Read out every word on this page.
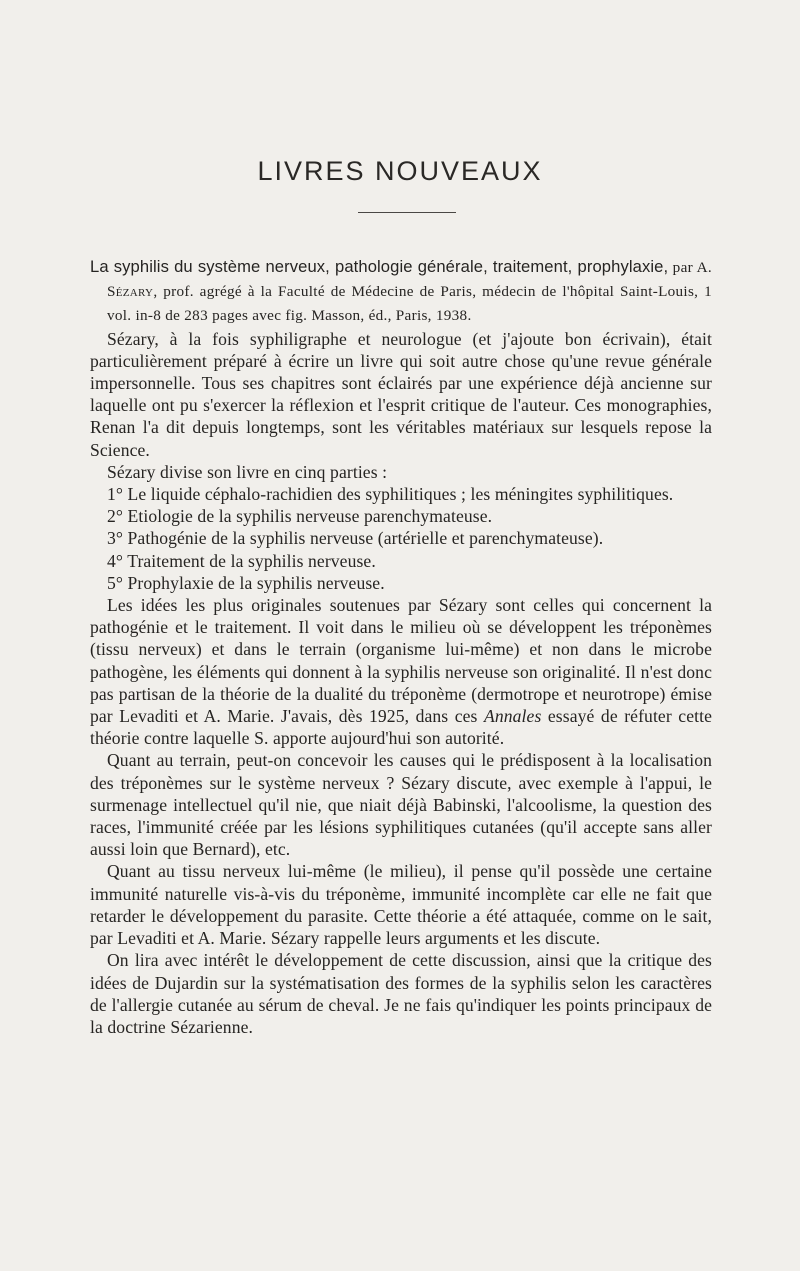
LIVRES NOUVEAUX

La syphilis du système nerveux, pathologie générale, traitement, prophylaxie, par A. Sézary, prof. agrégé à la Faculté de Médecine de Paris, médecin de l'hôpital Saint-Louis, 1 vol. in-8 de 283 pages avec fig. Masson, éd., Paris, 1938.

Sézary, à la fois syphiligraphe et neurologue (et j'ajoute bon écrivain), était particulièrement préparé à écrire un livre qui soit autre chose qu'une revue générale impersonnelle. Tous ses chapitres sont éclairés par une expérience déjà ancienne sur laquelle ont pu s'exercer la réflexion et l'esprit critique de l'auteur. Ces monographies, Renan l'a dit depuis longtemps, sont les véritables matériaux sur lesquels repose la Science.

Sézary divise son livre en cinq parties :

1° Le liquide céphalo-rachidien des syphilitiques ; les méningites syphilitiques.

2° Etiologie de la syphilis nerveuse parenchymateuse.

3° Pathogénie de la syphilis nerveuse (artérielle et parenchymateuse).

4° Traitement de la syphilis nerveuse.

5° Prophylaxie de la syphilis nerveuse.

Les idées les plus originales soutenues par Sézary sont celles qui concernent la pathogénie et le traitement. Il voit dans le milieu où se développent les tréponèmes (tissu nerveux) et dans le terrain (organisme lui-même) et non dans le microbe pathogène, les éléments qui donnent à la syphilis nerveuse son originalité. Il n'est donc pas partisan de la théorie de la dualité du tréponème (dermotrope et neurotrope) émise par Levaditi et A. Marie. J'avais, dès 1925, dans ces Annales essayé de réfuter cette théorie contre laquelle S. apporte aujourd'hui son autorité.

Quant au terrain, peut-on concevoir les causes qui le prédisposent à la localisation des tréponèmes sur le système nerveux ? Sézary discute, avec exemple à l'appui, le surmenage intellectuel qu'il nie, que niait déjà Babinski, l'alcoolisme, la question des races, l'immunité créée par les lésions syphilitiques cutanées (qu'il accepte sans aller aussi loin que Bernard), etc.

Quant au tissu nerveux lui-même (le milieu), il pense qu'il possède une certaine immunité naturelle vis-à-vis du tréponème, immunité incomplète car elle ne fait que retarder le développement du parasite. Cette théorie a été attaquée, comme on le sait, par Levaditi et A. Marie. Sézary rappelle leurs arguments et les discute.

On lira avec intérêt le développement de cette discussion, ainsi que la critique des idées de Dujardin sur la systématisation des formes de la syphilis selon les caractères de l'allergie cutanée au sérum de cheval. Je ne fais qu'indiquer les points principaux de la doctrine Sézarienne.
